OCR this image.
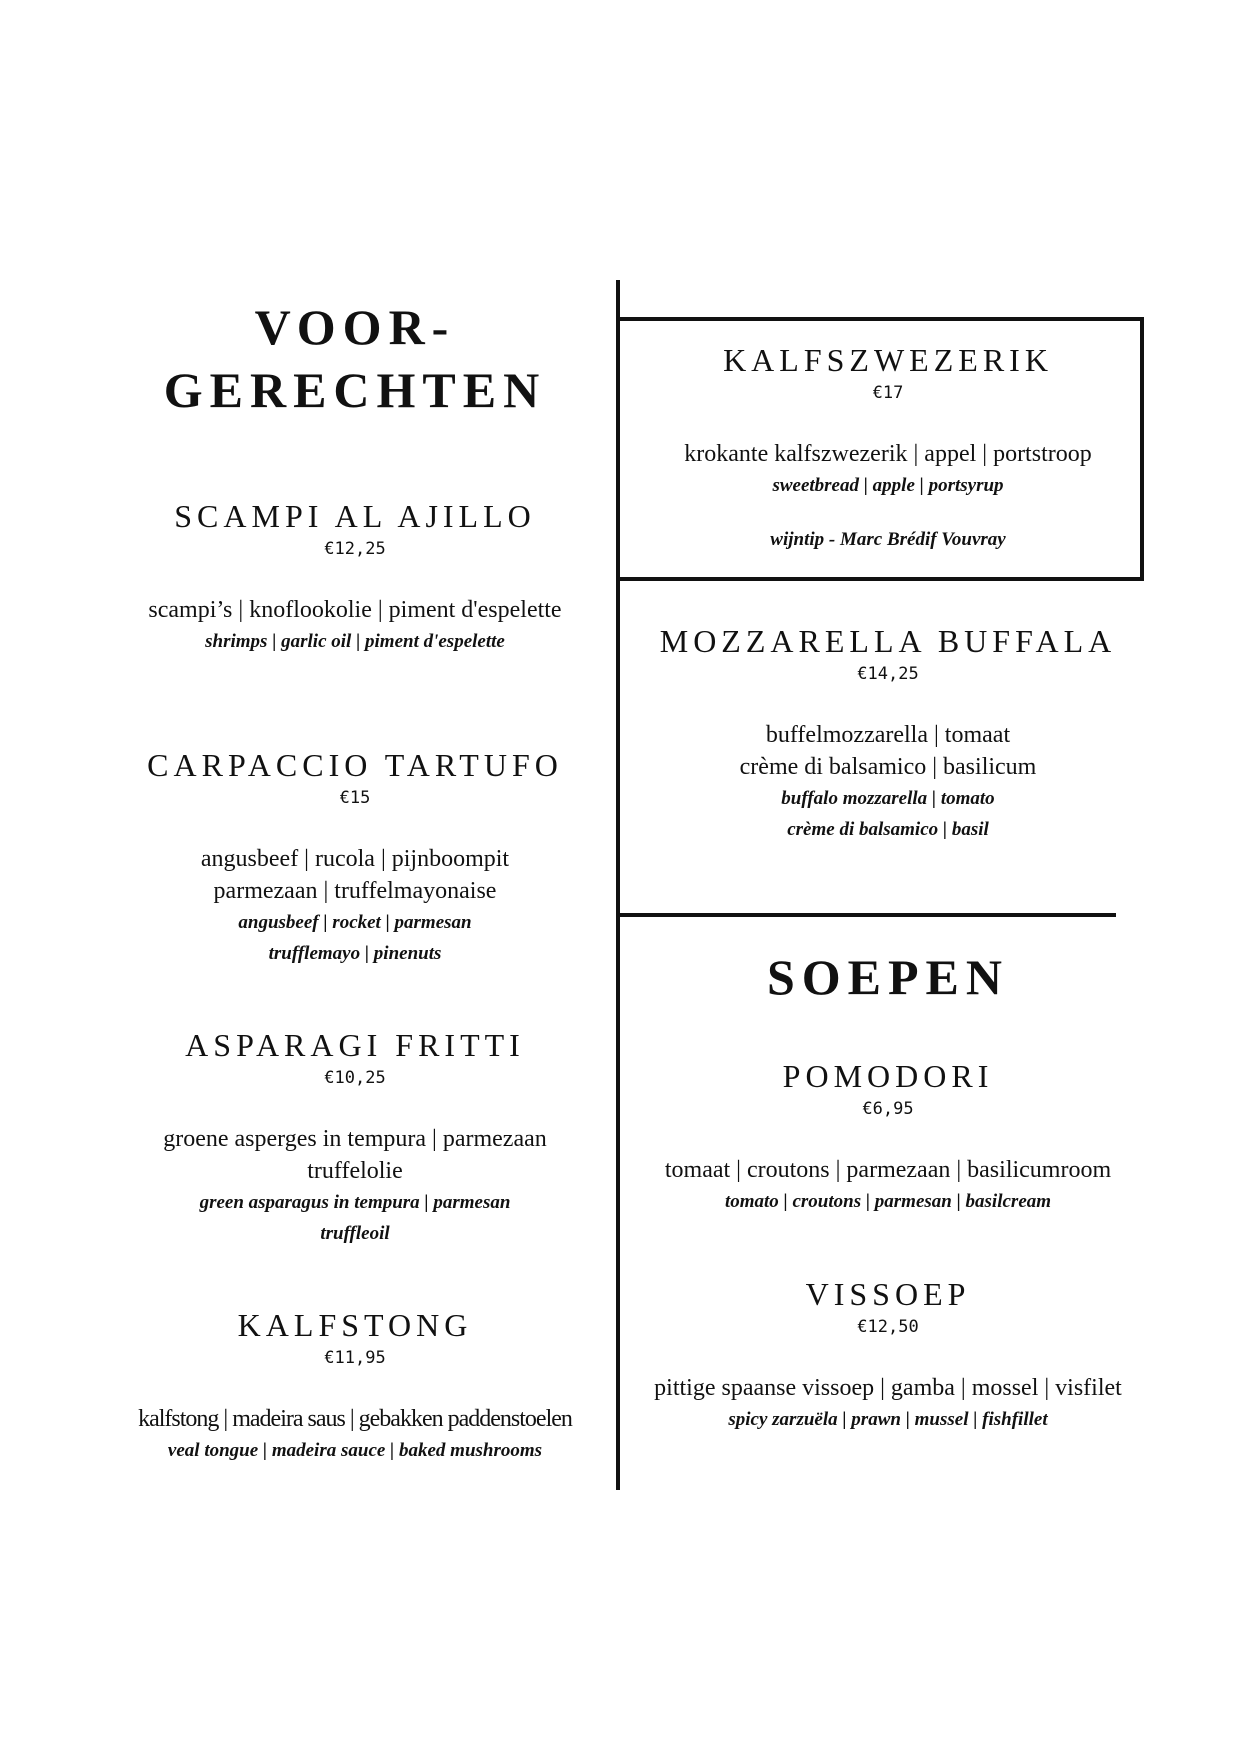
VOOR-
GERECHTEN
SCAMPI AL AJILLO
€12,25
scampi’s | knoflookolie | piment d'espelette
shrimps | garlic oil | piment d'espelette
CARPACCIO TARTUFO
€15
angusbeef | rucola | pijnboompit
parmezaan | truffelmayonaise
angusbeef | rocket | parmesan
trufflemayo | pinenuts
ASPARAGI FRITTI
€10,25
groene asperges in tempura | parmezaan
truffelolie
green asparagus in tempura | parmesan
truffleoil
KALFSTONG
€11,95
kalfstong | madeira saus | gebakken paddenstoelen
veal tongue | madeira sauce | baked mushrooms
KALFSZWEZERIK
€17
krokante kalfszwezerik | appel | portstroop
sweetbread | apple | portsyrup
wijntip - Marc Brédif Vouvray
MOZZARELLA BUFFALA
€14,25
buffelmozzarella | tomaat
crème di balsamico | basilicum
buffalo mozzarella | tomato
crème di balsamico | basil
SOEPEN
POMODORI
€6,95
tomaat | croutons | parmezaan | basilicumroom
tomato | croutons | parmesan | basilcream
VISSOEP
€12,50
pittige spaanse vissoep | gamba | mossel | visfilet
spicy zarzuëla | prawn | mussel | fishfillet
